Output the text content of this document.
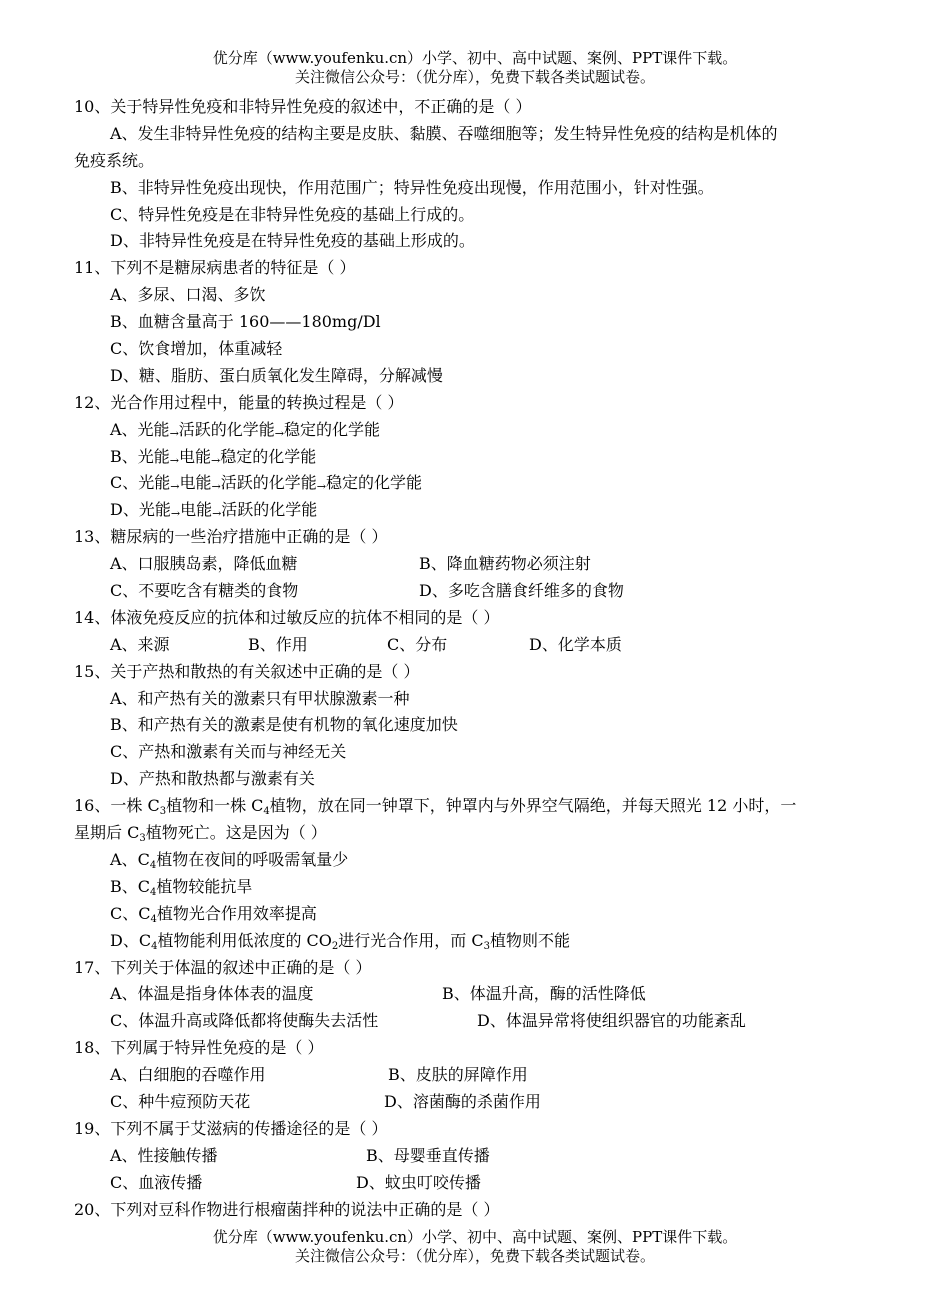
优分库（www.youfenku.cn）小学、初中、高中试题、案例、PPT课件下载。
关注微信公众号：（优分库），免费下载各类试题试卷。
10、关于特异性免疫和非特异性免疫的叙述中，不正确的是（ ）
A、发生非特异性免疫的结构主要是皮肤、黏膜、吞噬细胞等；发生特异性免疫的结构是机体的
免疫系统。
B、非特异性免疫出现快，作用范围广；特异性免疫出现慢，作用范围小，针对性强。
C、特异性免疫是在非特异性免疫的基础上行成的。
D、非特异性免疫是在特异性免疫的基础上形成的。
11、下列不是糖尿病患者的特征是（ ）
A、多尿、口渴、多饮
B、血糖含量高于 160——180mg/Dl
C、饮食增加，体重减轻
D、糖、脂肪、蛋白质氧化发生障碍，分解减慢
12、光合作用过程中，能量的转换过程是（ ）
A、光能→活跃的化学能→稳定的化学能
B、光能→电能→稳定的化学能
C、光能→电能→活跃的化学能→稳定的化学能
D、光能→电能→活跃的化学能
13、糖尿病的一些治疗措施中正确的是（ ）
A、口服胰岛素，降低血糖	B、降血糖药物必须注射
C、不要吃含有糖类的食物	D、多吃含膳食纤维多的食物
14、体液免疫反应的抗体和过敏反应的抗体不相同的是（ ）
A、来源	B、作用	C、分布	D、化学本质
15、关于产热和散热的有关叙述中正确的是（ ）
A、和产热有关的激素只有甲状腺激素一种
B、和产热有关的激素是使有机物的氧化速度加快
C、产热和激素有关而与神经无关
D、产热和散热都与激素有关
16、一株 $C_3$植物和一株 $C_4$植物，放在同一钟罩下，钟罩内与外界空气隔绝，并每天照光 12 小时，一
星期后 $C_3$植物死亡。这是因为（ ）
A、$C_4$植物在夜间的呼吸需氧量少
B、$C_4$植物较能抗旱
C、$C_4$植物光合作用效率提高
D、$C_4$植物能利用低浓度的 $CO_2$进行光合作用，而 $C_3$植物则不能
17、下列关于体温的叙述中正确的是（ ）
A、体温是指身体体表的温度	B、体温升高，酶的活性降低
C、体温升高或降低都将使酶失去活性	D、体温异常将使组织器官的功能紊乱
18、下列属于特异性免疫的是（ ）
A、白细胞的吞噬作用	B、皮肤的屏障作用
C、种牛痘预防天花	D、溶菌酶的杀菌作用
19、下列不属于艾滋病的传播途径的是（ ）
A、性接触传播	B、母婴垂直传播
C、血液传播	D、蚊虫叮咬传播
20、下列对豆科作物进行根瘤菌拌种的说法中正确的是（ ）
优分库（www.youfenku.cn）小学、初中、高中试题、案例、PPT课件下载。
关注微信公众号：（优分库），免费下载各类试题试卷。
